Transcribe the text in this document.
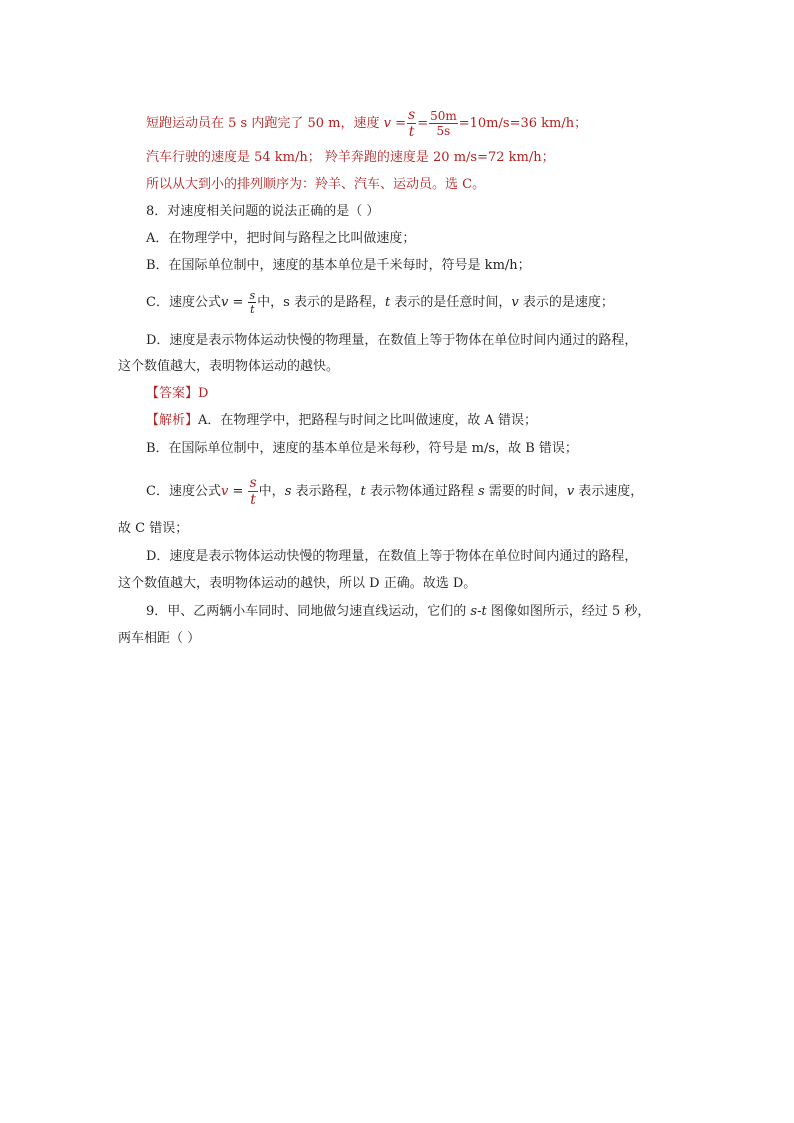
短跑运动员在 5 s 内跑完了 50 m，速度 $v = \frac{s}{t} = \frac{50m}{5s} =10m/s=36$ km/h；
汽车行驶的速度是 54 km/h； 羚羊奔跑的速度是 20 m/s=72 km/h；
所以从大到小的排列顺序为：羚羊、汽车、运动员。选 C。
8．对速度相关问题的说法正确的是（ ）
A．在物理学中，把时间与路程之比叫做速度；
B．在国际单位制中，速度的基本单位是千米每时，符号是 km/h；
C．速度公式$v = \frac{s}{t}$ 中，s 表示的是路程，t 表示的是任意时间，v 表示的是速度；
D．速度是表示物体运动快慢的物理量，在数值上等于物体在单位时间内通过的路程，
这个数值越大，表明物体运动的越快。
【答案】D
【解析】A．在物理学中，把路程与时间之比叫做速度，故 A 错误；
B．在国际单位制中，速度的基本单位是米每秒，符号是 m/s，故 B 错误；
C．速度公式$v = \frac{s}{t}$ 中，s 表示路程，t 表示物体通过路程 s 需要的时间，v 表示速度，
故 C 错误；
D．速度是表示物体运动快慢的物理量，在数值上等于物体在单位时间内通过的路程，
这个数值越大，表明物体运动的越快，所以 D 正确。故选 D。
9．甲、乙两辆小车同时、同地做匀速直线运动，它们的 s-t 图像如图所示，经过 5 秒，
两车相距（ ）
